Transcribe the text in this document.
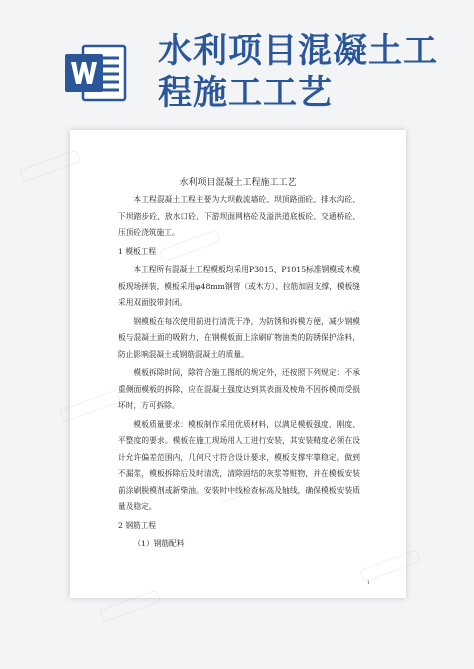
水利项目混凝土工
程施工工艺
水利项目混凝土工程施工工艺

本工程混凝土工程主要为大坝截流墙砼、坝顶路面砼、排水沟砼、下坝踏步砼、放水口砼、下游坝面网格砼及溢洪道底板砼、交通桥砼、压顶砼浇筑施工。

1 模板工程

本工程所有混凝土工程模板均采用P3015、P1015标准钢模或木模板现场拼装，模板采用φ48mm钢管（或木方）、拉筋加固支撑，模板缝采用双面胶带封闭。

钢模板在每次使用前进行清洗干净，为防锈和拆模方便，减少钢模板与混凝土面的吸附力，在钢模板面上涂刷矿物油类的防锈保护涂料，防止影响混凝土或钢筋混凝土的质量。

模板拆除时间，除符合施工图纸的规定外，还按照下列规定：不承重侧面模板的拆除，应在混凝土强度达到其表面及棱角不因拆模而受损坏时，方可拆除。

模板质量要求：模板制作采用优质材料，以满足模板强度、刚度、平整度的要求。模板在施工现场用人工进行安装，其安装精度必须在设计允许偏差范围内，几何尺寸符合设计要求，模板支撑牢靠稳定，做到不漏浆，模板拆除后及时清洗，清除固结的灰浆等赃物，并在模板安装前涂刷脱模剂或新柴油。安装时中线检查标高及轴线，确保模板安装质量及稳定。

2 钢筋工程

（1）钢筋配料

1
